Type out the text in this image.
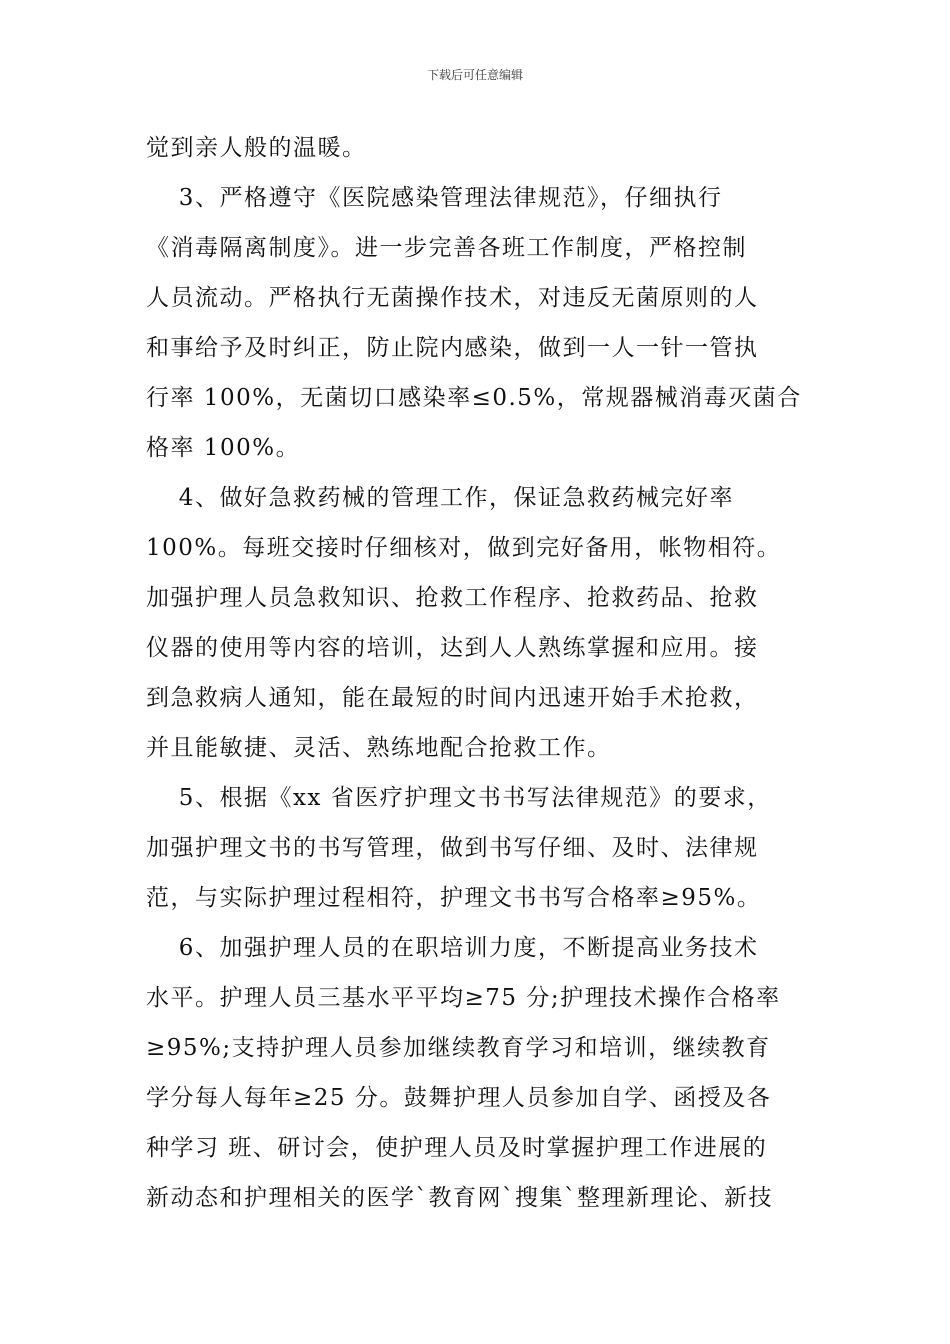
下载后可任意编辑
觉到亲人般的温暖。
3、严格遵守《医院感染管理法律规范》，仔细执行
《消毒隔离制度》。进一步完善各班工作制度，严格控制
人员流动。严格执行无菌操作技术，对违反无菌原则的人
和事给予及时纠正，防止院内感染，做到一人一针一管执
行率 100%，无菌切口感染率≤0.5%，常规器械消毒灭菌合
格率 100%。
4、做好急救药械的管理工作，保证急救药械完好率
100%。每班交接时仔细核对，做到完好备用，帐物相符。
加强护理人员急救知识、抢救工作程序、抢救药品、抢救
仪器的使用等内容的培训，达到人人熟练掌握和应用。接
到急救病人通知，能在最短的时间内迅速开始手术抢救，
并且能敏捷、灵活、熟练地配合抢救工作。
5、根据《xx 省医疗护理文书书写法律规范》的要求，
加强护理文书的书写管理，做到书写仔细、及时、法律规
范，与实际护理过程相符，护理文书书写合格率≥95%。
6、加强护理人员的在职培训力度，不断提高业务技术
水平。护理人员三基水平平均≥75 分;护理技术操作合格率
≥95%;支持护理人员参加继续教育学习和培训，继续教育
学分每人每年≥25 分。鼓舞护理人员参加自学、函授及各
种学习 班、研讨会，使护理人员及时掌握护理工作进展的
新动态和护理相关的医学`教育网`搜集`整理新理论、新技
